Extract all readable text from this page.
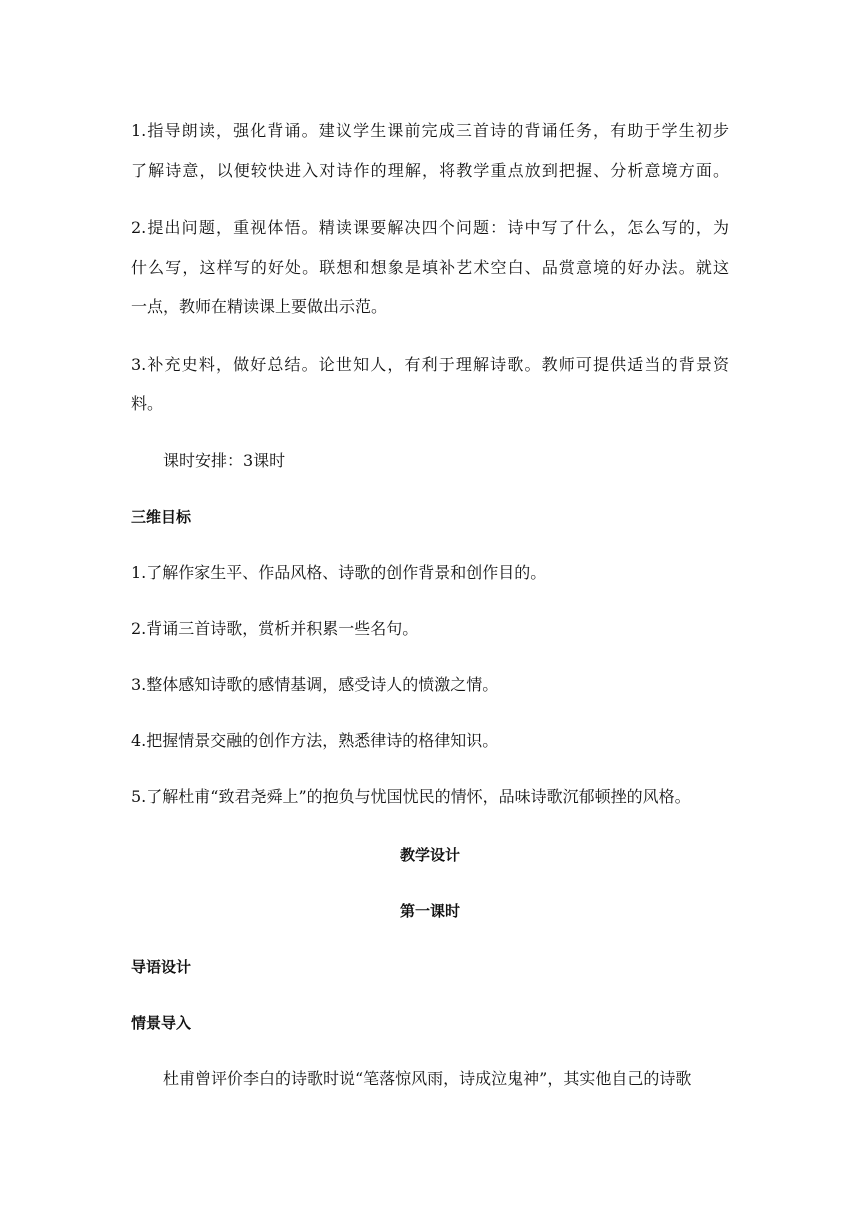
1.指导朗读，强化背诵。建议学生课前完成三首诗的背诵任务，有助于学生初步
了解诗意，以便较快进入对诗作的理解，将教学重点放到把握、分析意境方面。
2.提出问题，重视体悟。精读课要解决四个问题：诗中写了什么，怎么写的，为
什么写，这样写的好处。联想和想象是填补艺术空白、品赏意境的好办法。就这
一点，教师在精读课上要做出示范。
3.补充史料，做好总结。论世知人，有利于理解诗歌。教师可提供适当的背景资
料。
课时安排：3课时
三维目标
1.了解作家生平、作品风格、诗歌的创作背景和创作目的。
2.背诵三首诗歌，赏析并积累一些名句。
3.整体感知诗歌的感情基调，感受诗人的愤激之情。
4.把握情景交融的创作方法，熟悉律诗的格律知识。
5.了解杜甫“致君尧舜上”的抱负与忧国忧民的情怀，品味诗歌沉郁顿挫的风格。
教学设计
第一课时
导语设计
情景导入
杜甫曾评价李白的诗歌时说“笔落惊风雨，诗成泣鬼神”，其实他自己的诗歌
